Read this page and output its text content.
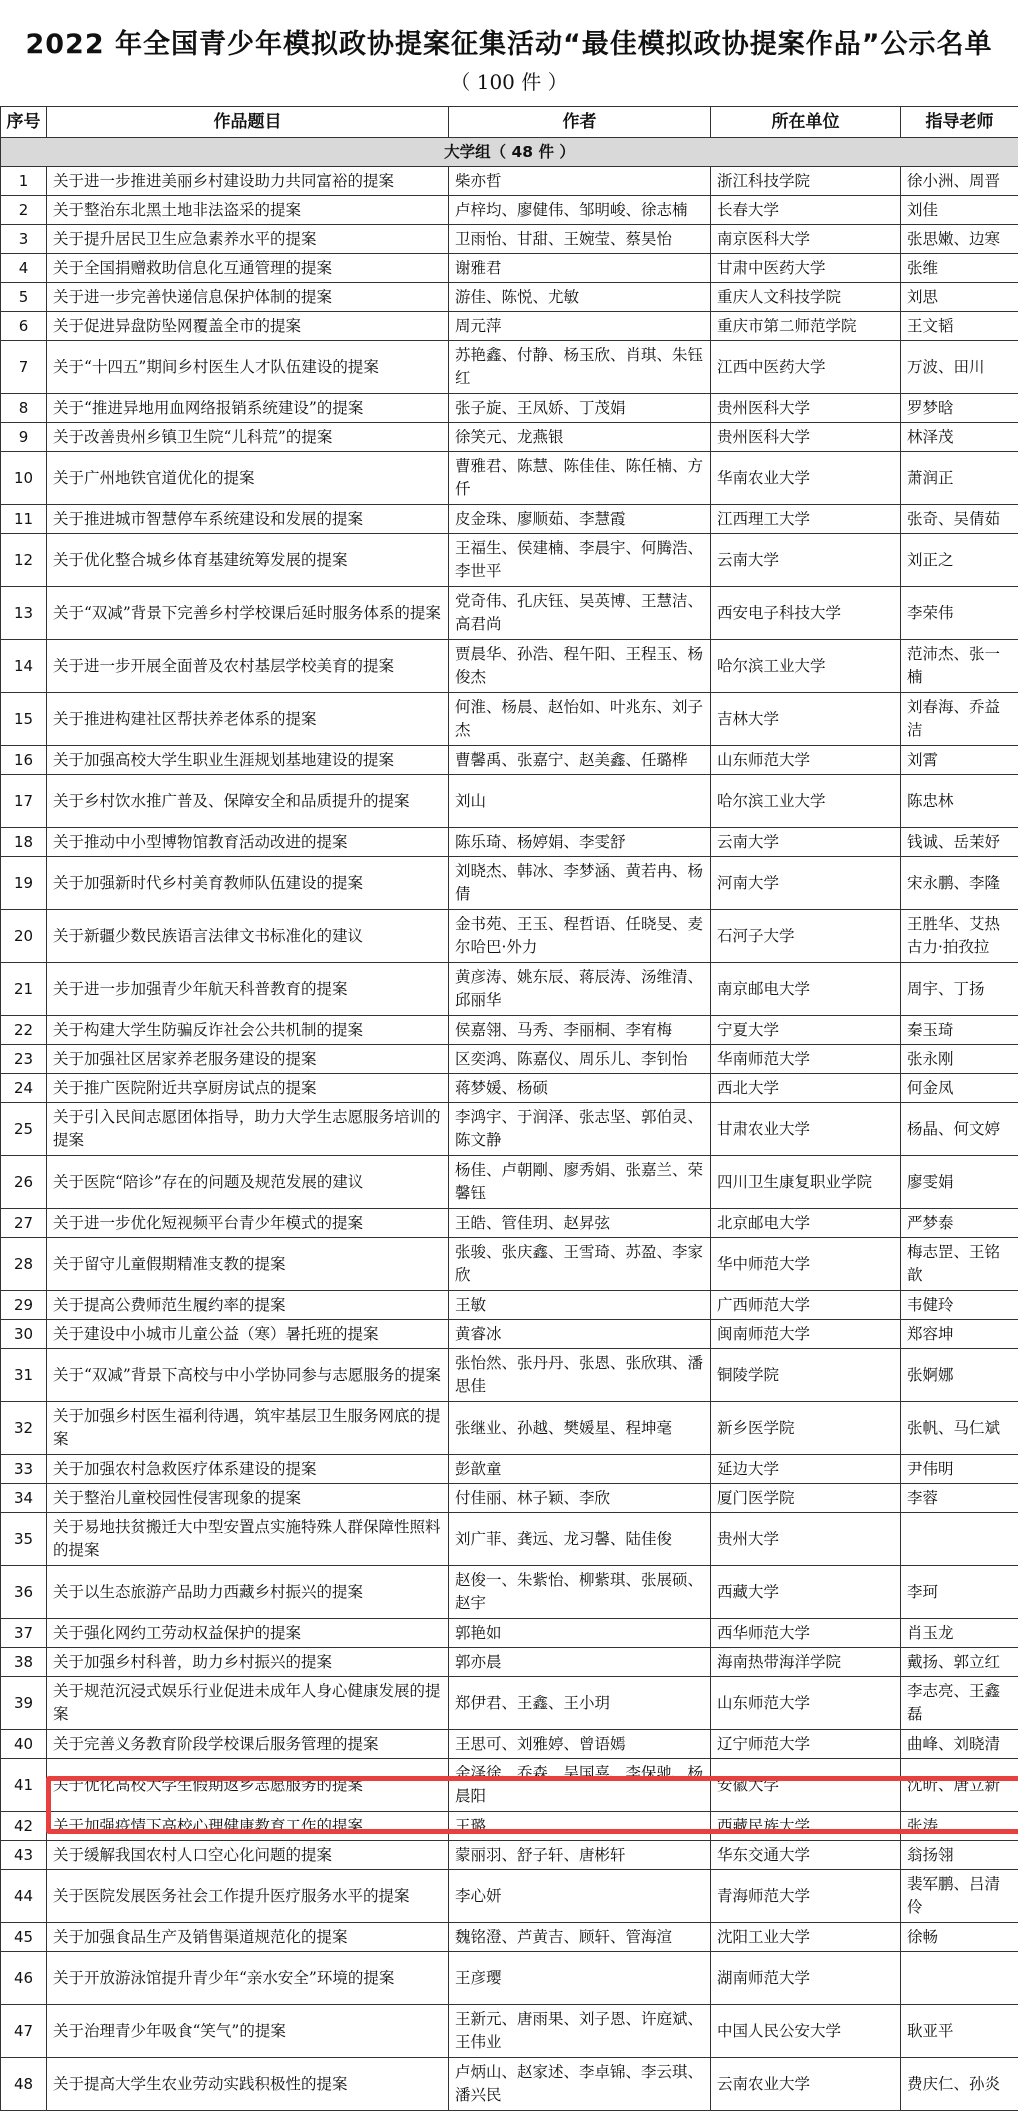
2022 年全国青少年模拟政协提案征集活动“最佳模拟政协提案作品”公示名单
（ 100 件 ）
序号	作品题目	作者	所在单位	指导老师
大学组（ 48 件 ）				
1	关于进一步推进美丽乡村建设助力共同富裕的提案	柴亦哲	浙江科技学院	徐小洲、周晋
2	关于整治东北黑土地非法盗采的提案	卢梓均、廖健伟、邹明峻、徐志楠	长春大学	刘佳
3	关于提升居民卫生应急素养水平的提案	卫雨怡、甘甜、王婉莹、蔡昊怡	南京医科大学	张思嫩、边寒
4	关于全国捐赠救助信息化互通管理的提案	谢雅君	甘肃中医药大学	张维
5	关于进一步完善快递信息保护体制的提案	游佳、陈悦、尤敏	重庆人文科技学院	刘思
6	关于促进异盘防坠网覆盖全市的提案	周元萍	重庆市第二师范学院	王文韬
7	关于“十四五”期间乡村医生人才队伍建设的提案	苏艳鑫、付静、杨玉欣、肖琪、朱钰红	江西中医药大学	万波、田川
8	关于“推进异地用血网络报销系统建设”的提案	张子旋、王凤娇、丁茂娟	贵州医科大学	罗梦晗
9	关于改善贵州乡镇卫生院“儿科荒”的提案	徐笑元、龙燕银	贵州医科大学	林泽茂
10	关于广州地铁官道优化的提案	曹雅君、陈慧、陈佳佳、陈任楠、方仟	华南农业大学	萧润正
11	关于推进城市智慧停车系统建设和发展的提案	皮金珠、廖顺茹、李慧霞	江西理工大学	张奇、吴倩茹
12	关于优化整合城乡体育基建统筹发展的提案	王福生、侯建楠、李晨宇、何腾浩、李世平	云南大学	刘正之
13	关于“双减”背景下完善乡村学校课后延时服务体系的提案	党奇伟、孔庆钰、吴英博、王慧洁、高君尚	西安电子科技大学	李荣伟
14	关于进一步开展全面普及农村基层学校美育的提案	贾晨华、孙浩、程午阳、王程玉、杨俊杰	哈尔滨工业大学	范沛杰、张一楠
15	关于推进构建社区帮扶养老体系的提案	何淮、杨晨、赵怡如、叶兆东、刘子杰	吉林大学	刘春海、乔益洁
16	关于加强高校大学生职业生涯规划基地建设的提案	曹馨禹、张嘉宁、赵美鑫、任璐桦	山东师范大学	刘霄
17	关于乡村饮水推广普及、保障安全和品质提升的提案	刘山	哈尔滨工业大学	陈忠林
18	关于推动中小型博物馆教育活动改进的提案	陈乐琦、杨婷娟、李雯舒	云南大学	钱诚、岳茉妤
19	关于加强新时代乡村美育教师队伍建设的提案	刘晓杰、韩冰、李梦涵、黄若冉、杨倩	河南大学	宋永鹏、李隆
20	关于新疆少数民族语言法律文书标准化的建议	金书苑、王玉、程哲语、任晓旻、麦尔哈巴·外力	石河子大学	王胜华、艾热古力·拍孜拉
21	关于进一步加强青少年航天科普教育的提案	黄彦涛、姚东辰、蒋辰涛、汤维清、邱丽华	南京邮电大学	周宇、丁扬
22	关于构建大学生防骗反诈社会公共机制的提案	侯嘉翎、马秀、李丽桐、李宥梅	宁夏大学	秦玉琦
23	关于加强社区居家养老服务建设的提案	区奕鸿、陈嘉仪、周乐儿、李钊怡	华南师范大学	张永刚
24	关于推广医院附近共享厨房试点的提案	蒋梦媛、杨硕	西北大学	何金凤
25	关于引入民间志愿团体指导，助力大学生志愿服务培训的提案	李鸿宇、于润泽、张志坚、郭伯灵、陈文静	甘肃农业大学	杨晶、何文婷
26	关于医院“陪诊”存在的问题及规范发展的建议	杨佳、卢朝剛、廖秀娟、张嘉兰、荣馨钰	四川卫生康复职业学院	廖雯娟
27	关于进一步优化短视频平台青少年模式的提案	王皓、管佳玥、赵昇弦	北京邮电大学	严梦泰
28	关于留守儿童假期精准支教的提案	张骏、张庆鑫、王雪琦、苏盈、李家欣	华中师范大学	梅志罡、王铭歆
29	关于提高公费师范生履约率的提案	王敏	广西师范大学	韦健玲
30	关于建设中小城市儿童公益（寒）暑托班的提案	黄睿冰	闽南师范大学	郑容坤
31	关于“双减”背景下高校与中小学协同参与志愿服务的提案	张怡然、张丹丹、张恩、张欣琪、潘思佳	铜陵学院	张婀娜
32	关于加强乡村医生福利待遇，筑牢基层卫生服务网底的提案	张继业、孙越、樊媛星、程坤毫	新乡医学院	张帆、马仁斌
33	关于加强农村急救医疗体系建设的提案	彭歆童	延边大学	尹伟明
34	关于整治儿童校园性侵害现象的提案	付佳丽、林子颖、李欣	厦门医学院	李蓉
35	关于易地扶贫搬迁大中型安置点实施特殊人群保障性照料的提案	刘广菲、龚远、龙习馨、陆佳俊	贵州大学	
36	关于以生态旅游产品助力西藏乡村振兴的提案	赵俊一、朱紫怡、柳紫琪、张展硕、赵宇	西藏大学	李珂
37	关于强化网约工劳动权益保护的提案	郭艳如	西华师范大学	肖玉龙
38	关于加强乡村科普，助力乡村振兴的提案	郭亦晨	海南热带海洋学院	戴扬、郭立红
39	关于规范沉浸式娱乐行业促进未成年人身心健康发展的提案	郑伊君、王鑫、王小玥	山东师范大学	李志亮、王鑫磊
40	关于完善义务教育阶段学校课后服务管理的提案	王思可、刘雅婷、曾语嫣	辽宁师范大学	曲峰、刘晓清
41	关于优化高校大学生假期返乡志愿服务的提案	余泽徐、乔森、吴国喜、李保驰、杨晨阳	安徽大学	沈昕、唐立新
42	关于加强疫情下高校心理健康教育工作的提案	王璐	西藏民族大学	张涛
43	关于缓解我国农村人口空心化问题的提案	蒙丽羽、舒子轩、唐彬轩	华东交通大学	翁扬翎
44	关于医院发展医务社会工作提升医疗服务水平的提案	李心妍	青海师范大学	裴军鹏、吕清伶
45	关于加强食品生产及销售渠道规范化的提案	魏铭澄、芦黄吉、顾轩、管海渲	沈阳工业大学	徐畅
46	关于开放游泳馆提升青少年“亲水安全”环境的提案	王彦璎	湖南师范大学	
47	关于治理青少年吸食“笑气”的提案	王新元、唐雨果、刘子恩、许庭斌、王伟业	中国人民公安大学	耿亚平
48	关于提高大学生农业劳动实践积极性的提案	卢炳山、赵家述、李卓锦、李云琪、潘兴民	云南农业大学	费庆仁、孙炎
